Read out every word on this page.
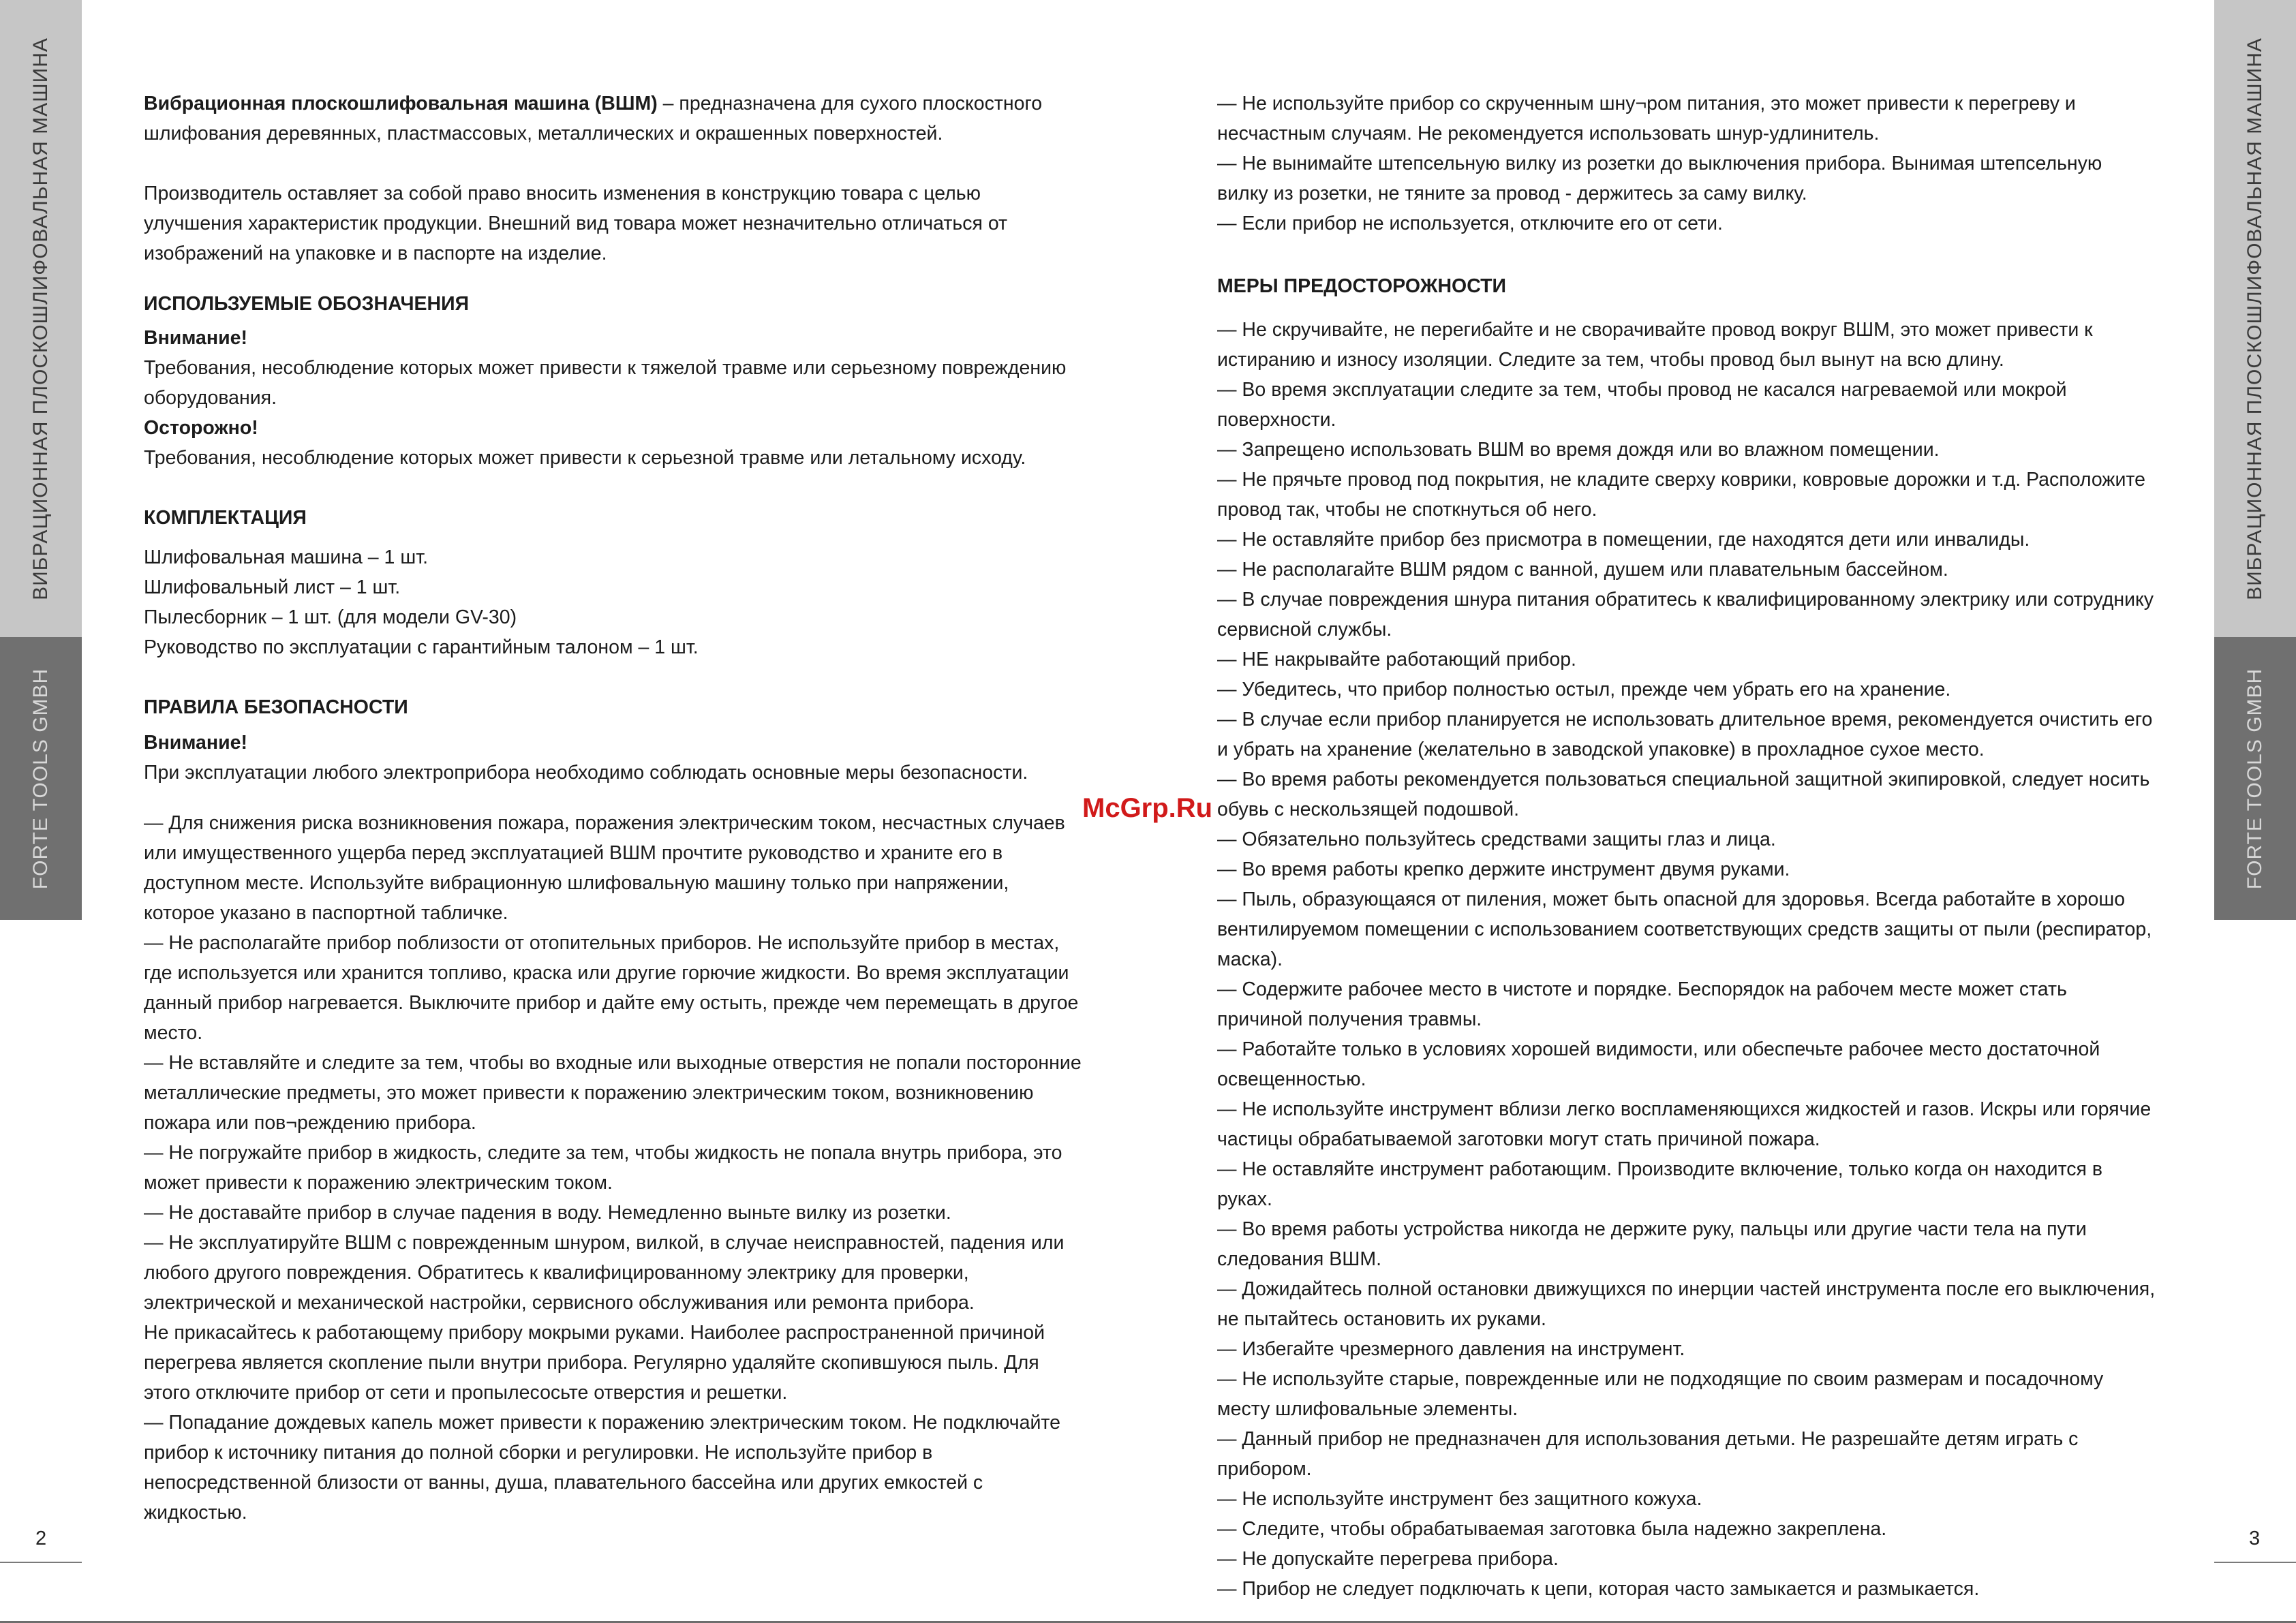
ВИБРАЦИОННАЯ ПЛОСКОШЛИФОВАЛЬНАЯ МАШИНА
FORTE TOOLS GMBH
ВИБРАЦИОННАЯ ПЛОСКОШЛИФОВАЛЬНАЯ МАШИНА
FORTE TOOLS GMBH
2	3

Вибрационная плоскошлифовальная машина (ВШМ) – предназначена для сухого плоскостного шлифования деревянных, пластмассовых, металлических и окрашенных поверхностей.

Производитель оставляет за собой право вносить изменения в конструкцию товара с целью улучшения характеристик продукции. Внешний вид товара может незначительно отличаться от изображений на упаковке и в паспорте на изделие.

ИСПОЛЬЗУЕМЫЕ ОБОЗНАЧЕНИЯ

Внимание!

Требования, несоблюдение которых может привести к тяжелой травме или серьезному повреждению оборудования.

Осторожно!

Требования, несоблюдение которых может привести к серьезной травме или летальному исходу.

КОМПЛЕКТАЦИЯ

Шлифовальная машина – 1 шт.

Шлифовальный лист – 1 шт.

Пылесборник – 1 шт. (для модели GV-30)

Руководство по эксплуатации с гарантийным талоном – 1 шт.

ПРАВИЛА БЕЗОПАСНОСТИ

Внимание!

При эксплуатации любого электроприбора необходимо соблюдать основные меры безопасности.

— Для снижения риска возникновения пожара, поражения электрическим током, несчастных случаев или имущественного ущерба перед эксплуатацией ВШМ прочтите руководство и храните его в доступном месте. Используйте вибрационную шлифовальную машину только при напряжении, которое указано в паспортной табличке.

— Не располагайте прибор поблизости от отопительных приборов. Не используйте прибор в местах, где используется или хранится топливо, краска или другие горючие жидкости. Во время эксплуатации данный прибор нагревается. Выключите прибор и дайте ему остыть, прежде чем перемещать в другое место.

— Не вставляйте и следите за тем, чтобы во входные или выходные отверстия не попали посторонние металлические предметы, это может привести к поражению электрическим током, возникновению пожара или пов¬реждению прибора.

— Не погружайте прибор в жидкость, следите за тем, чтобы жидкость не попала внутрь прибора, это может привести к поражению электрическим током.

— Не доставайте прибор в случае падения в воду. Немедленно выньте вилку из розетки.

— Не эксплуатируйте ВШМ с поврежденным шнуром, вилкой, в случае неисправностей, падения или любого другого повреждения. Обратитесь к квалифицированному электрику для проверки, электрической и механической настройки, сервисного обслуживания или ремонта прибора.

Не прикасайтесь к работающему прибору мокрыми руками. Наиболее распространенной причиной перегрева является скопление пыли внутри прибора. Регулярно удаляйте скопившуюся пыль. Для этого отключите прибор от сети и пропылесосьте отверстия и решетки.

— Попадание дождевых капель может привести к поражению электрическим током. Не подключайте прибор к источнику питания до полной сборки и регулировки. Не используйте прибор в непосредственной близости от ванны, душа, плавательного бассейна или других емкостей с жидкостью.

— Не используйте прибор со скрученным шну¬ром питания, это может привести к перегреву и несчастным случаям. Не рекомендуется использовать шнур-удлинитель.

— Не вынимайте штепсельную вилку из розетки до выключения прибора. Вынимая штепсельную вилку из розетки, не тяните за провод - держитесь за саму вилку.

— Если прибор не используется, отключите его от сети.

МЕРЫ ПРЕДОСТОРОЖНОСТИ

— Не скручивайте, не перегибайте и не сворачивайте провод вокруг ВШМ, это может привести к истиранию и износу изоляции. Следите за тем, чтобы провод был вынут на всю длину.

— Во время эксплуатации следите за тем, чтобы провод не касался нагреваемой или мокрой поверхности.

— Запрещено использовать ВШМ во время дождя или во влажном помещении.

— Не прячьте провод под покрытия, не кладите сверху коврики, ковровые дорожки и т.д. Расположите провод так, чтобы не споткнуться об него.

— Не оставляйте прибор без присмотра в помещении, где находятся дети или инвалиды.

— Не располагайте ВШМ рядом с ванной, душем или плавательным бассейном.

— В случае повреждения шнура питания обратитесь к квалифицированному электрику или сотруднику сервисной службы.

— НЕ накрывайте работающий прибор.

— Убедитесь, что прибор полностью остыл, прежде чем убрать его на хранение.

— В случае если прибор планируется не использовать длительное время, рекомендуется очистить его и убрать на хранение (желательно в заводской упаковке) в прохладное сухое место.

— Во время работы рекомендуется пользоваться специальной защитной экипировкой, следует носить обувь с нескользящей подошвой.

— Обязательно пользуйтесь средствами защиты глаз и лица.

— Во время работы крепко держите инструмент двумя руками.

— Пыль, образующаяся от пиления, может быть опасной для здоровья. Всегда работайте в хорошо вентилируемом помещении с использованием соответствующих средств защиты от пыли (респиратор, маска).

— Содержите рабочее место в чистоте и порядке. Беспорядок на рабочем месте может стать причиной получения травмы.

— Работайте только в условиях хорошей видимости, или обеспечьте рабочее место достаточной освещенностью.

— Не используйте инструмент вблизи легко воспламеняющихся жидкостей и газов. Искры или горячие частицы обрабатываемой заготовки могут стать причиной пожара.

— Не оставляйте инструмент работающим. Производите включение, только когда он находится в руках.

— Во время работы устройства никогда не держите руку, пальцы или другие части тела на пути следования ВШМ.

— Дожидайтесь полной остановки движущихся по инерции частей инструмента после его выключения, не пытайтесь остановить их руками.

— Избегайте чрезмерного давления на инструмент.

— Не используйте старые, поврежденные или не подходящие по своим размерам и посадочному месту шлифовальные элементы.

— Данный прибор не предназначен для использования детьми. Не разрешайте детям играть с прибором.

— Не используйте инструмент без защитного кожуха.

— Следите, чтобы обрабатываемая заготовка была надежно закреплена.

— Не допускайте перегрева прибора.

— Прибор не следует подключать к цепи, которая часто замыкается и размыкается.

McGrp.Ru
